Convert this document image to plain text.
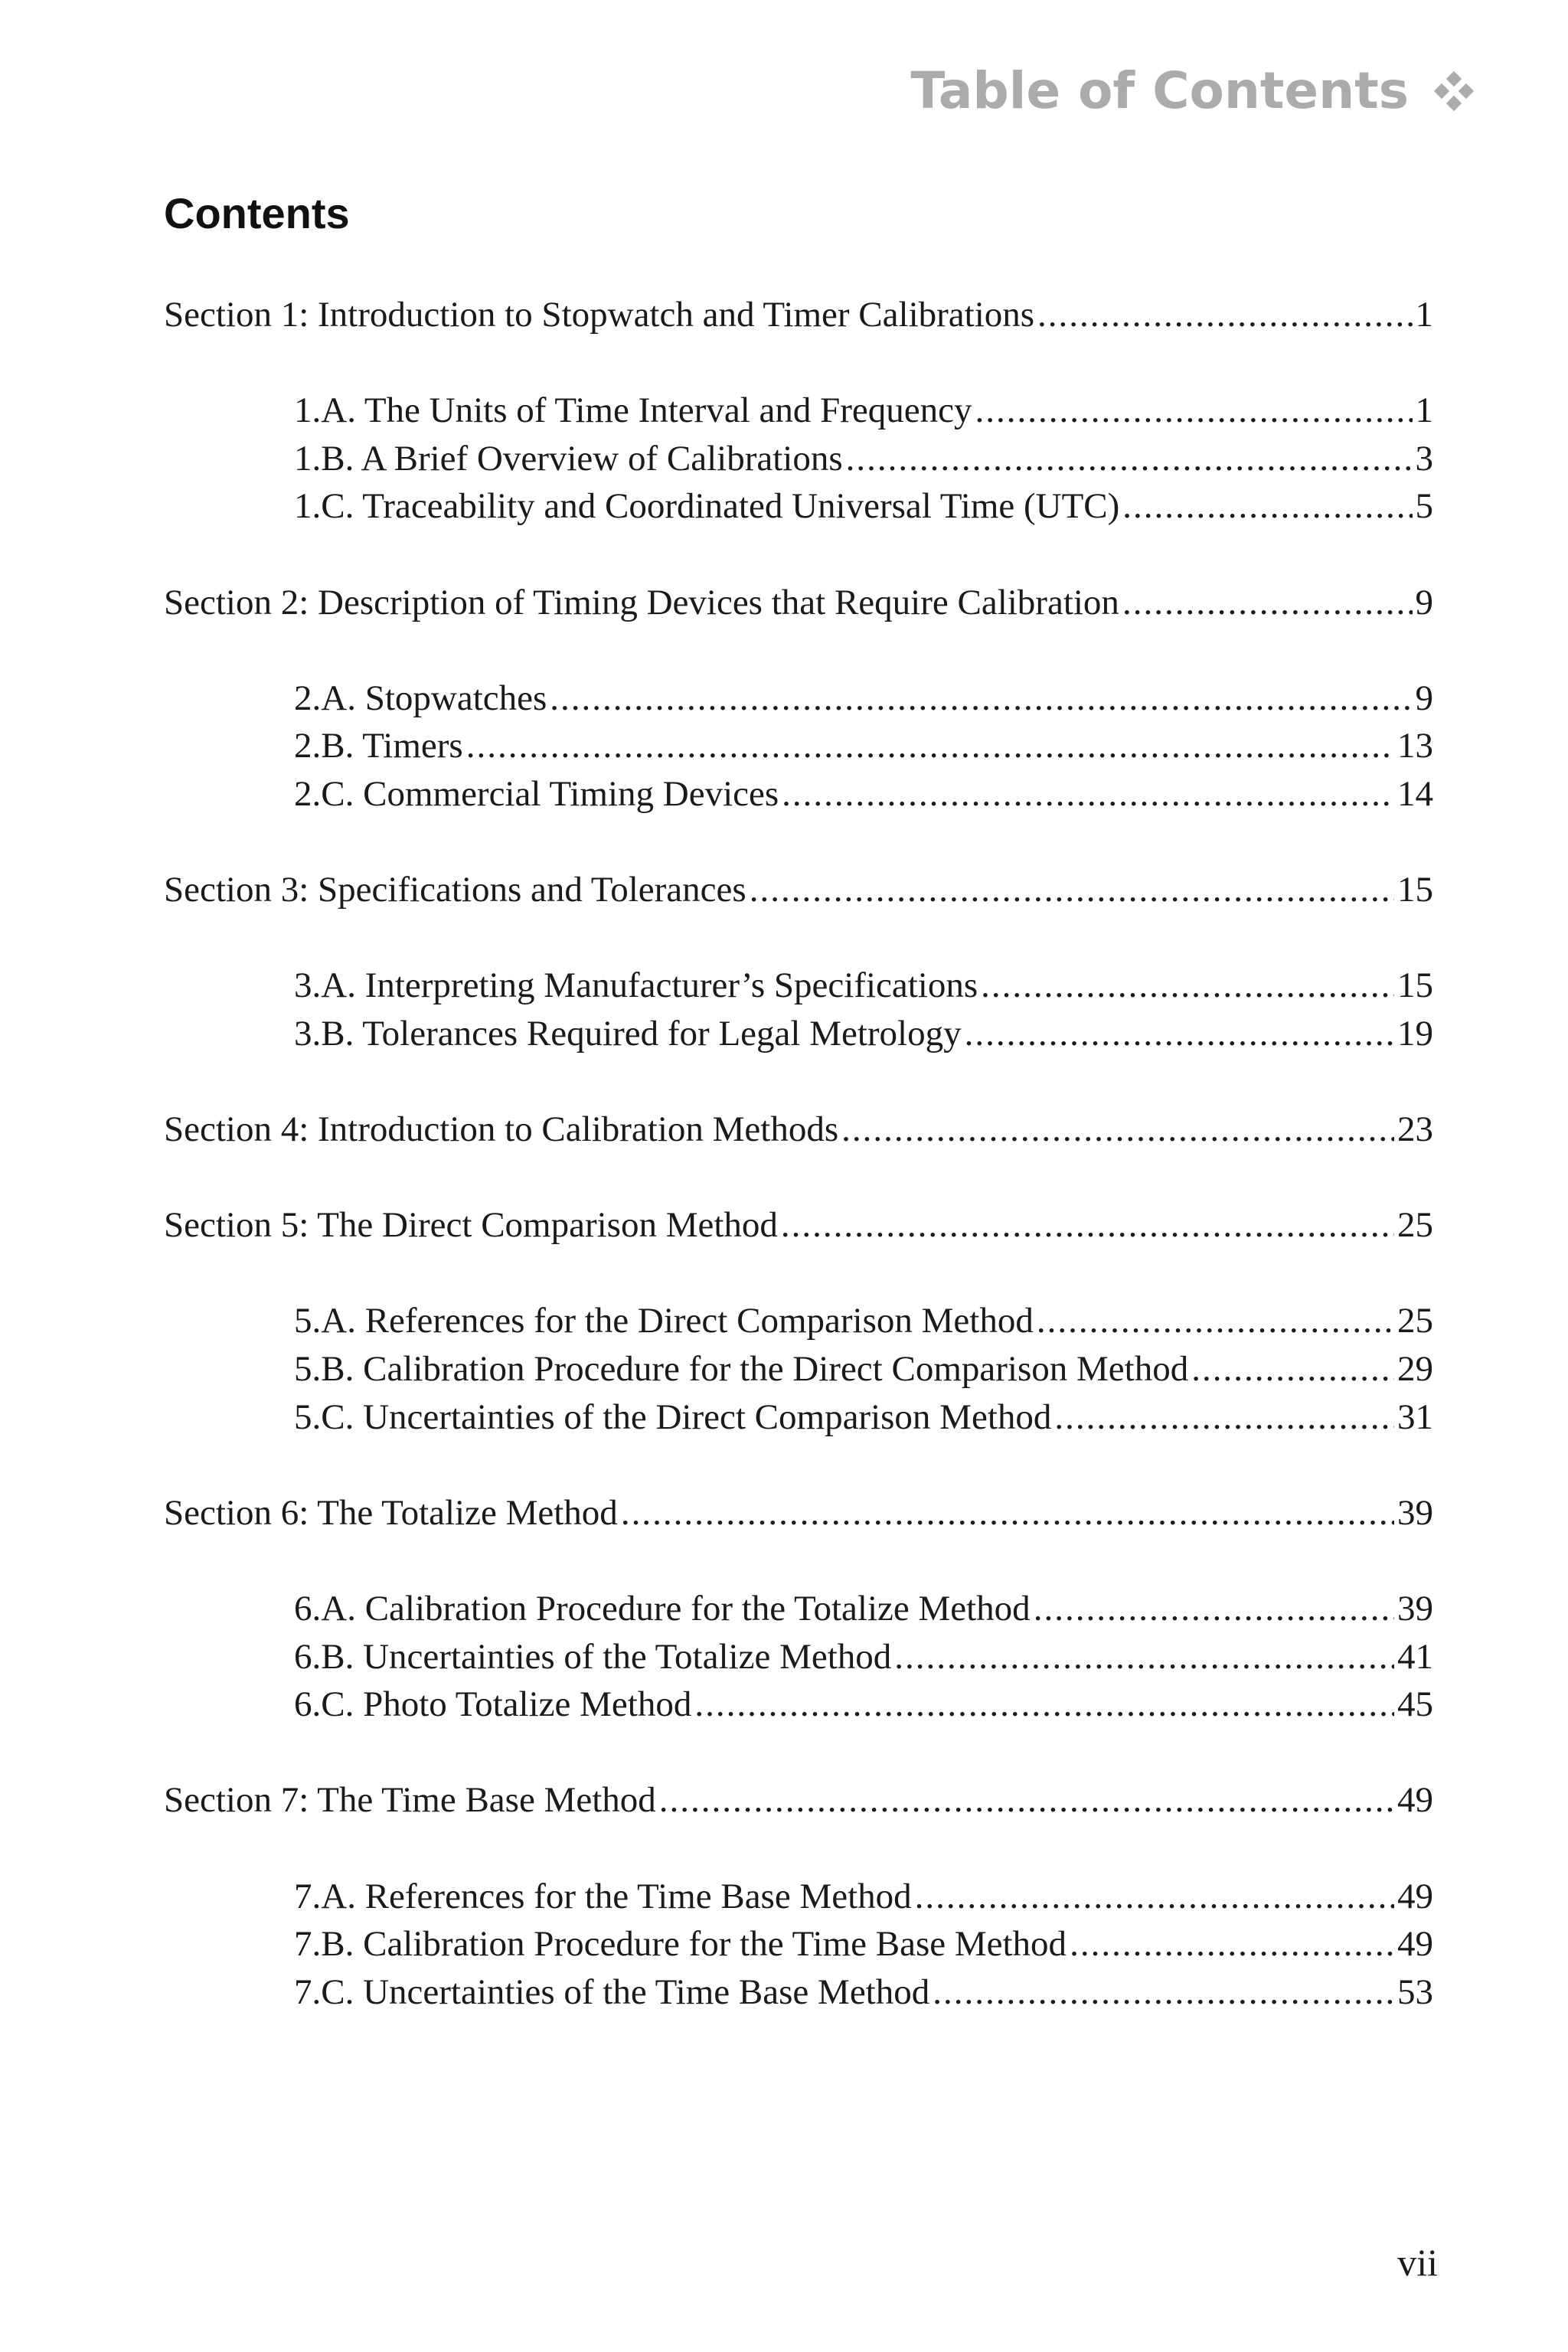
Table of Contents
Contents
Section 1: Introduction to Stopwatch and Timer Calibrations .....	1
1.A. The Units of Time Interval and Frequency .....	1
1.B. A Brief Overview of Calibrations .....	3
1.C. Traceability and Coordinated Universal Time (UTC) .....	5
Section 2: Description of Timing Devices that Require Calibration .....	9
2.A. Stopwatches .....	9
2.B. Timers .....	13
2.C. Commercial Timing Devices .....	14
Section 3: Specifications and Tolerances .....	15
3.A. Interpreting Manufacturer’s Specifications .....	15
3.B. Tolerances Required for Legal Metrology .....	19
Section 4: Introduction to Calibration Methods .....	23
Section 5: The Direct Comparison Method .....	25
5.A. References for the Direct Comparison Method .....	25
5.B. Calibration Procedure for the Direct Comparison Method .....	29
5.C. Uncertainties of the Direct Comparison Method .....	31
Section 6: The Totalize Method .....	39
6.A. Calibration Procedure for the Totalize Method .....	39
6.B. Uncertainties of the Totalize Method .....	41
6.C. Photo Totalize Method .....	45
Section 7: The Time Base Method .....	49
7.A. References for the Time Base Method .....	49
7.B. Calibration Procedure for the Time Base Method .....	49
7.C. Uncertainties of the Time Base Method .....	53
vii
